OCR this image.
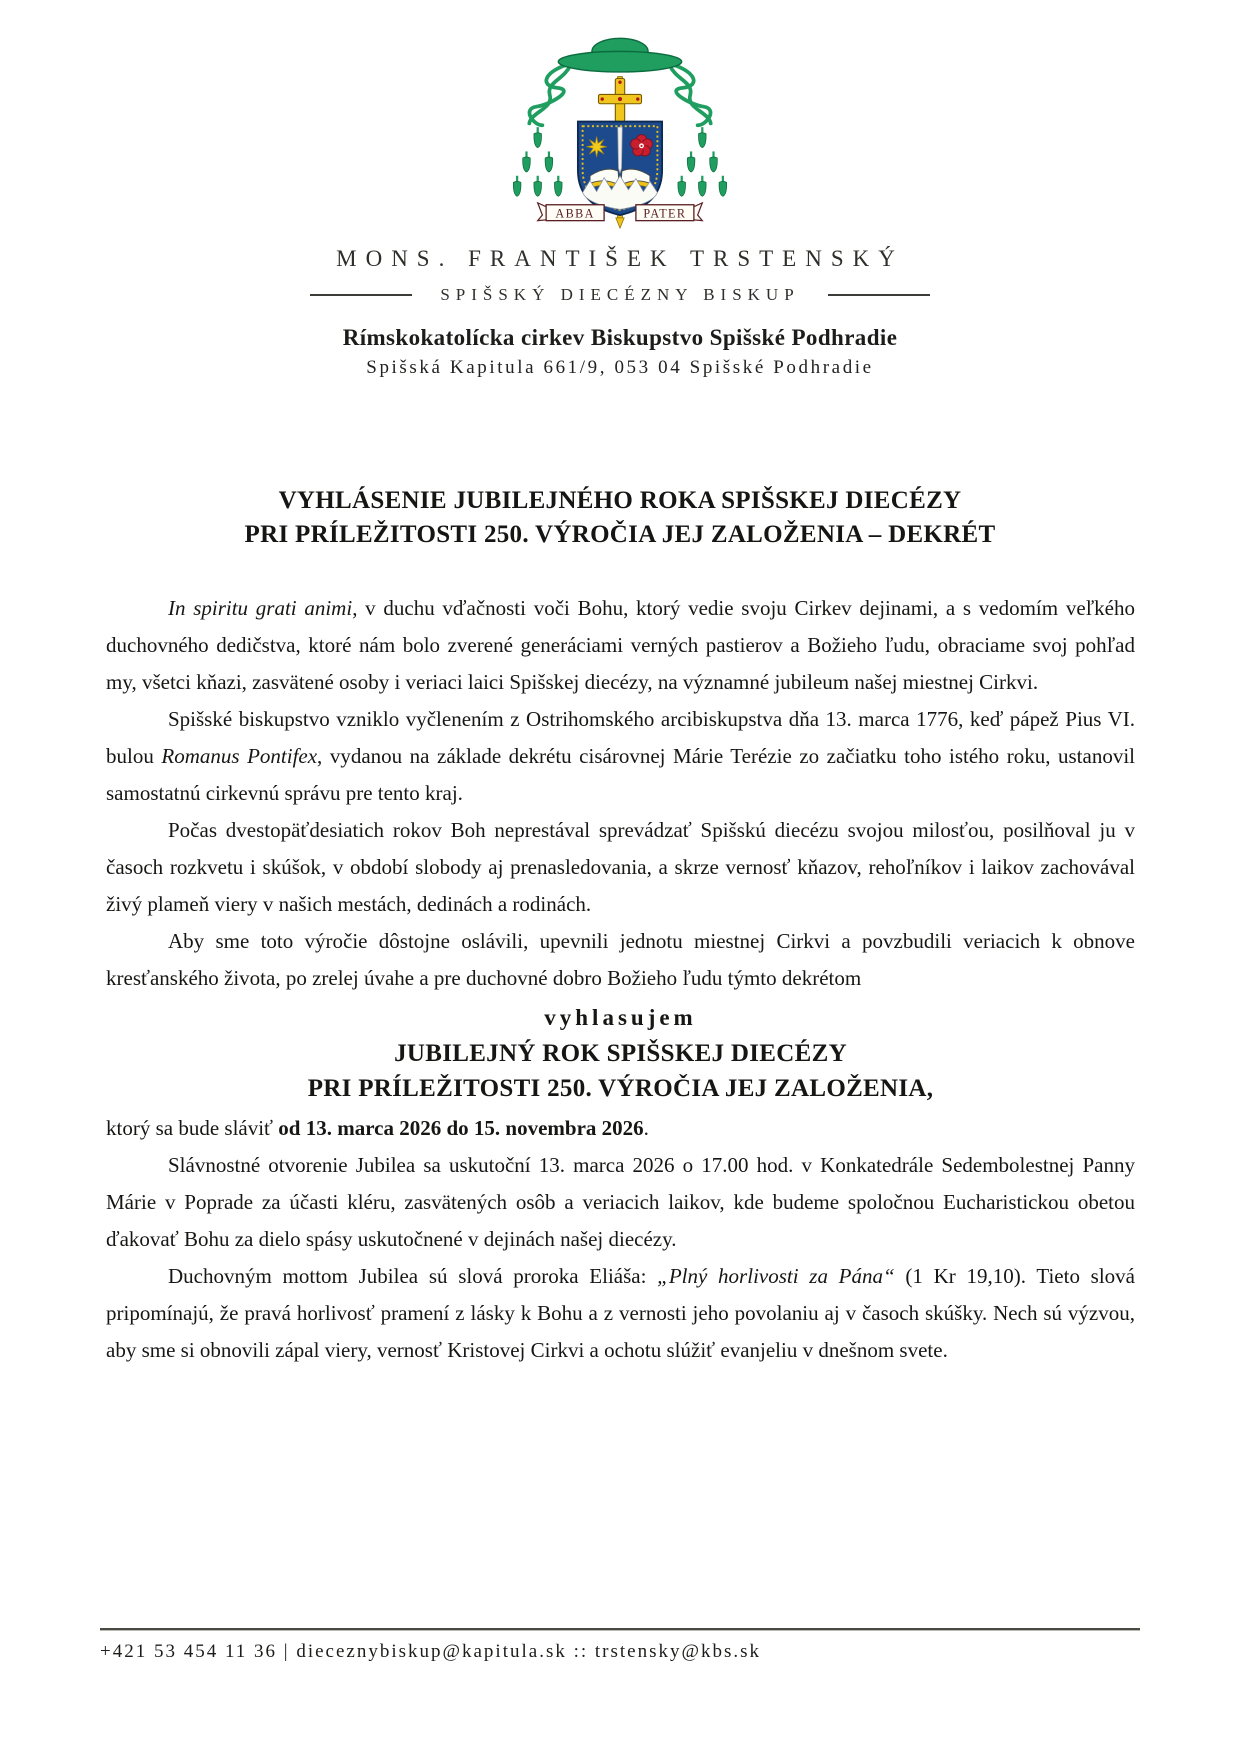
ABBA	PATER
MONS. FRANTIŠEK TRSTENSKÝ
SPIŠSKÝ DIECÉZNY BISKUP
Rímskokatolícka cirkev Biskupstvo Spišské Podhradie
Spišská Kapitula 661/9, 053 04 Spišské Podhradie
VYHLÁSENIE JUBILEJNÉHO ROKA SPIŠSKEJ DIECÉZY
PRI PRÍLEŽITOSTI 250. VÝROČIA JEJ ZALOŽENIA – DEKRÉT

In spiritu grati animi, v duchu vďačnosti voči Bohu, ktorý vedie svoju Cirkev dejinami, a s vedomím veľkého duchovného dedičstva, ktoré nám bolo zverené generáciami verných pastierov a Božieho ľudu, obraciame svoj pohľad my, všetci kňazi, zasvätené osoby i veriaci laici Spišskej diecézy, na významné jubileum našej miestnej Cirkvi.

Spišské biskupstvo vzniklo vyčlenením z Ostrihomského arcibiskupstva dňa 13. marca 1776, keď pápež Pius VI. bulou Romanus Pontifex, vydanou na základe dekrétu cisárovnej Márie Terézie zo začiatku toho istého roku, ustanovil samostatnú cirkevnú správu pre tento kraj.

Počas dvestopäťdesiatich rokov Boh neprestával sprevádzať Spišskú diecézu svojou milosťou, posilňoval ju v časoch rozkvetu i skúšok, v období slobody aj prenasledovania, a skrze vernosť kňazov, rehoľníkov i laikov zachovával živý plameň viery v našich mestách, dedinách a rodinách.

Aby sme toto výročie dôstojne oslávili, upevnili jednotu miestnej Cirkvi a povzbudili veriacich k obnove kresťanského života, po zrelej úvahe a pre duchovné dobro Božieho ľudu týmto dekrétom

vyhlasujem
JUBILEJNÝ ROK SPIŠSKEJ DIECÉZY
PRI PRÍLEŽITOSTI 250. VÝROČIA JEJ ZALOŽENIA,

ktorý sa bude sláviť od 13. marca 2026 do 15. novembra 2026.

Slávnostné otvorenie Jubilea sa uskutoční 13. marca 2026 o 17.00 hod. v Konkatedrále Sedembolestnej Panny Márie v Poprade za účasti kléru, zasvätených osôb a veriacich laikov, kde budeme spoločnou Eucharistickou obetou ďakovať Bohu za dielo spásy uskutočnené v dejinách našej diecézy.

Duchovným mottom Jubilea sú slová proroka Eliáša: „Plný horlivosti za Pána“ (1 Kr 19,10). Tieto slová pripomínajú, že pravá horlivosť pramení z lásky k Bohu a z vernosti jeho povolaniu aj v časoch skúšky. Nech sú výzvou, aby sme si obnovili zápal viery, vernosť Kristovej Cirkvi a ochotu slúžiť evanjeliu v dnešnom svete.

+421 53 454 11 36 | dieceznybiskup@kapitula.sk :: trstensky@kbs.sk
